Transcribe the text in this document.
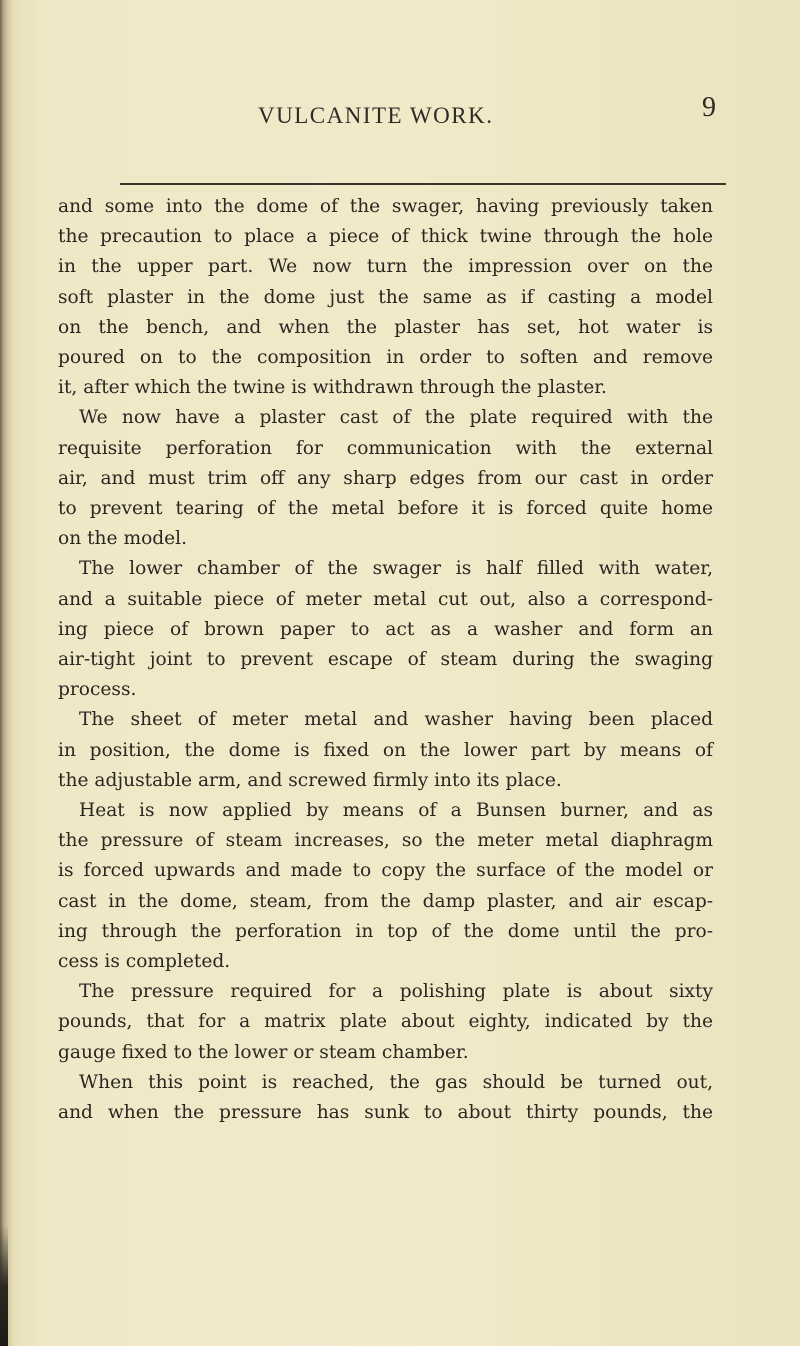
VULCANITE WORK.	9
and some into the dome of the swager, having previously taken
the precaution to place a piece of thick twine through the hole
in the upper part. We now turn the impression over on the
soft plaster in the dome just the same as if casting a model
on the bench, and when the plaster has set, hot water is
poured on to the composition in order to soften and remove
it, after which the twine is withdrawn through the plaster.
We now have a plaster cast of the plate required with the
requisite perforation for communication with the external
air, and must trim off any sharp edges from our cast in order
to prevent tearing of the metal before it is forced quite home
on the model.
The lower chamber of the swager is half filled with water,
and a suitable piece of meter metal cut out, also a correspond-
ing piece of brown paper to act as a washer and form an
air-tight joint to prevent escape of steam during the swaging
process.
The sheet of meter metal and washer having been placed
in position, the dome is fixed on the lower part by means of
the adjustable arm, and screwed firmly into its place.
Heat is now applied by means of a Bunsen burner, and as
the pressure of steam increases, so the meter metal diaphragm
is forced upwards and made to copy the surface of the model or
cast in the dome, steam, from the damp plaster, and air escap-
ing through the perforation in top of the dome until the pro-
cess is completed.
The pressure required for a polishing plate is about sixty
pounds, that for a matrix plate about eighty, indicated by the
gauge fixed to the lower or steam chamber.
When this point is reached, the gas should be turned out,
and when the pressure has sunk to about thirty pounds, the
